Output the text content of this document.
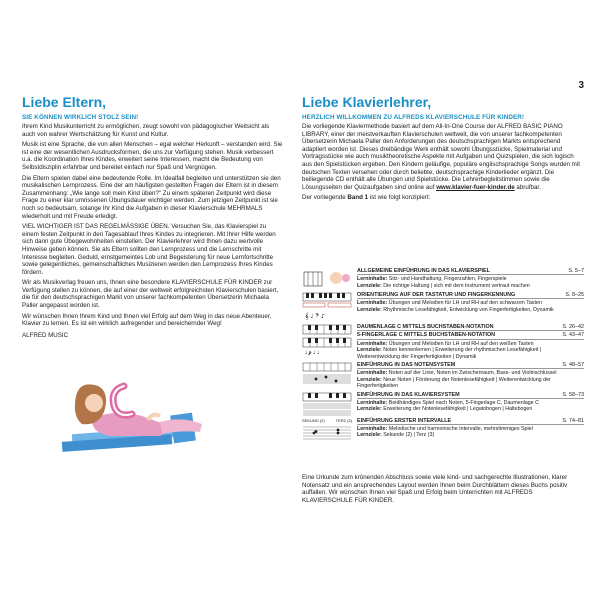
3
Liebe Eltern,
SIE KÖNNEN WIRKLICH STOLZ SEIN!

Ihrem Kind Musikunterricht zu ermöglichen, zeugt sowohl von pädagogischer Weitsicht als auch von wahrer Wertschätzung für Kunst und Kultur.

Musik ist eine Sprache, die von allen Menschen – egal welcher Herkunft – verstanden wird. Sie ist eine der wesentlichen Ausdrucksformen, die uns zur Verfügung stehen. Musik verbessert u.a. die Koordination Ihres Kindes, erweitert seine Interessen, macht die Bedeutung von Selbstdisziplin erfahrbar und bereitet einfach nur Spaß und Vergnügen.

Die Eltern spielen dabei eine bedeutende Rolle. Im Idealfall begleiten und unterstützen sie den musikalischen Lernprozess. Eine der am häufigsten gestellten Fragen der Eltern ist in diesem Zusammenhang: „Wie lange soll mein Kind üben?" Zu einem späteren Zeitpunkt wird diese Frage zu einer klar umrissenen Übungsdauer wichtiger werden. Zum jetzigen Zeitpunkt ist sie noch so bedeutsam, solange Ihr Kind die Aufgaben in dieser Klavierschule MEHRMALS wiederholt und mit Freude erledigt.

VIEL WICHTIGER IST DAS REGELMÄSSIGE ÜBEN. Versuchen Sie, das Klavierspiel zu einem festen Zeitpunkt in den Tagesablauf Ihres Kindes zu integrieren. Mit Ihrer Hilfe werden sich dann gute Übegewohnheiten einstellen. Der Klavierlehrer wird Ihnen dazu wertvolle Hinweise geben können. Sie als Eltern sollten den Lernprozess und die Lernschritte mit Interesse begleiten. Geduld, ernstgemeintes Lob und Begeisterung für neue Lernfortschritte sowie gelegentliches, gemeinschaftliches Musizieren werden den Lernprozess Ihres Kindes fördern.

Wir als Musikverlag freuen uns, Ihnen eine besondere KLAVIERSCHULE FÜR KINDER zur Verfügung stellen zu können, die auf einer der weltweit erfolgreichsten Klavierschulen basiert, die für den deutschsprachigen Markt von unserer fachkompetenten Übersetzerin Michaela Paller angepasst worden ist.

Wir wünschen Ihnen Ihrem Kind und Ihnen viel Erfolg auf dem Weg in das neue Abenteuer, Klavier zu lernen. Es ist ein wirklich aufregender und bereichernder Weg!

ALFRED MUSIC
Liebe Klavierlehrer,
HERZLICH WILLKOMMEN ZU ALFREDS KLAVIERSCHULE FÜR KINDER!

Die vorliegende Klaviermethode basiert auf dem All-In-One Course der ALFRED BASIC PIANO LIBRARY, einer der meistverkauften Klavierschulen weltweit, die von unserer fachkompetenten Übersetzerin Michaela Paller den Anforderungen des deutschsprachigen Markts entsprechend adaptiert worden ist. Dieses dreibändige Werk enthält sowohl Übungsstücke, Spielmaterial und Vortragsstücke wie auch musiktheoretische Aspekte mit Aufgaben und Quizspielen, die sich logisch aus den Spielstücken ergeben. Den Kindern geläufige, populäre englischsprachige Songs wurden mit deutschen Texten versehen oder durch beliebte, deutschsprachige Kinderlieder ergänzt. Die beiliegende CD enthält alle Übungen und Spielstücke. Die Lehrerbegleitstimmen sowie die Lösungsseiten der Quizaufgaben sind online auf www.klavier-fuer-kinder.de abrufbar.

Der vorliegende Band 1 ist wie folgt konzipiert:
ALLGEMEINE EINFÜHRUNG IN DAS KLAVIERSPIEL	S. 5–7
Lerninhalte: Sitz- und Handhaltung, Fingerzahlen, Fingerspiele
Lernziele: Die richtige Haltung | sich mit dem Instrument vertraut machen
𝄞 ♩ 𝄢 ♪
ORIENTIERUNG AUF DER TASTATUR UND FINGERKENNUNG	S. 8–25
Lerninhalte: Übungen und Melodien für LH und RH auf den schwarzen Tasten
Lernziele: Rhythmische Lesefähigkeit, Entwicklung von Fingerfertigkeiten, Dynamik
♩ 𝆏 ♩ ♩
DAUMENLAGE C MITTELS BUCHSTABEN-NOTATION	S. 26–42
5-FINGERLAGE C MITTELS BUCHSTABEN-NOTATION	S. 43–47
Lerninhalte: Übungen und Melodien für LH und RH auf den weißen Tasten
Lernziele: Noten kennenlernen | Erweiterung der rhythmischen Lesefähigkeit | Weiterentwicklung der Fingerfertigkeiten | Dynamik
EINFÜHRUNG IN DAS NOTENSYSTEM	S. 48–57
Lerninhalte: Noten auf der Linie, Noten im Zwischenraum, Bass- und Violinschlüssel
Lernziele: Neue Noten | Förderung der Notenlesefähigkeit | Weiterentwicklung der Fingerfertigkeiten
EINFÜHRUNG IN DAS KLAVIERSYSTEM	S. 58–73
Lerninhalte: Beidhändiges Spiel nach Noten, 5-Fingerlage C, Daumenlage C
Lernziele: Erweiterung der Notenlesefähigkeit | Legatobogen | Haltebogen
SEKUND (2)	TERZ (3) EINFÜHRUNG ERSTER INTERVALLE	S. 74–81
Lerninhalte: Melodische und harmonische Intervalle, mehrstimmiges Spiel
Lernziele: Sekunde (2) | Terz (3)

Eine Urkunde zum krönenden Abschluss sowie viele kind- und sachgerechte Illustrationen, klarer Notensatz und ein ansprechendes Layout werden Ihnen beim Durchblättern dieses Buchs positiv auffallen. Wir wünschen Ihnen viel Spaß und Erfolg beim Unterrichten mit ALFREDS KLAVIERSCHULE FÜR KINDER.
